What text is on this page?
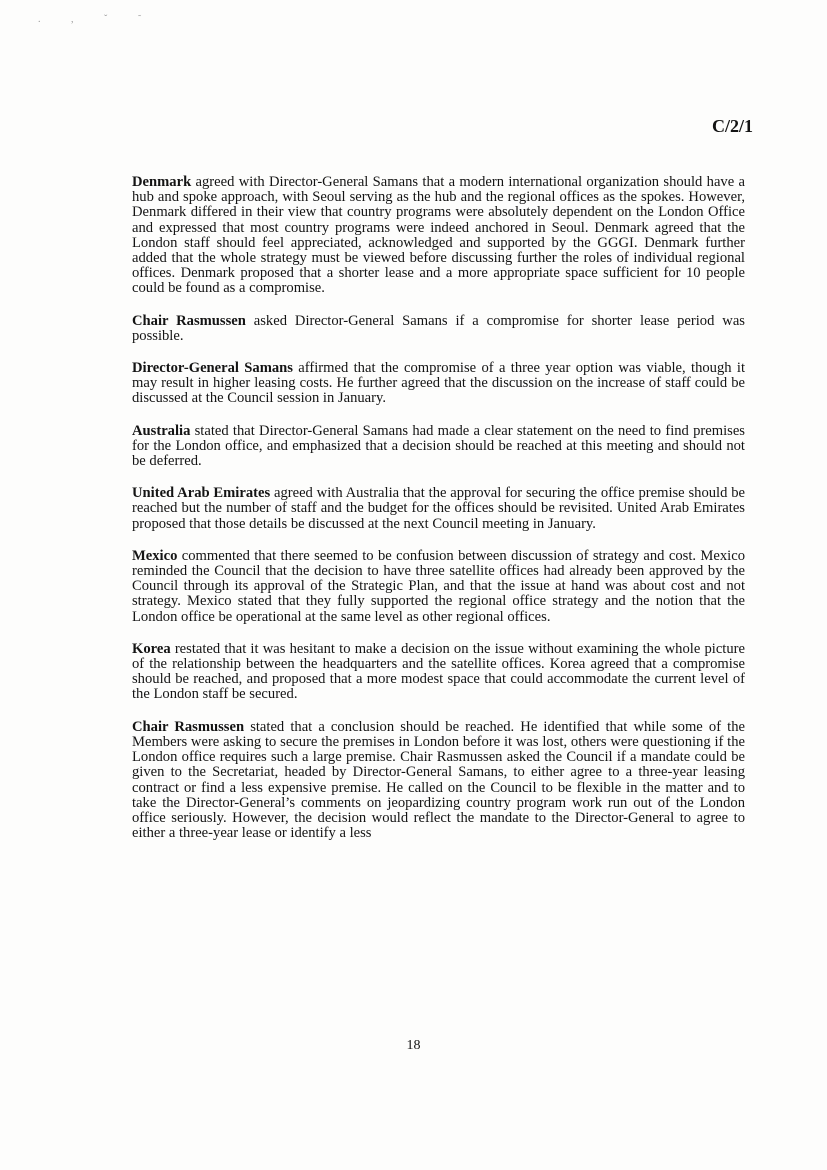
. , ˇ ˜
C/2/1

Denmark agreed with Director-General Samans that a modern international organization should have a hub and spoke approach, with Seoul serving as the hub and the regional offices as the spokes. However, Denmark differed in their view that country programs were absolutely dependent on the London Office and expressed that most country programs were indeed anchored in Seoul. Denmark agreed that the London staff should feel appreciated, acknowledged and supported by the GGGI. Denmark further added that the whole strategy must be viewed before discussing further the roles of individual regional offices. Denmark proposed that a shorter lease and a more appropriate space sufficient for 10 people could be found as a compromise.

Chair Rasmussen asked Director-General Samans if a compromise for shorter lease period was possible.

Director-General Samans affirmed that the compromise of a three year option was viable, though it may result in higher leasing costs. He further agreed that the discussion on the increase of staff could be discussed at the Council session in January.

Australia stated that Director-General Samans had made a clear statement on the need to find premises for the London office, and emphasized that a decision should be reached at this meeting and should not be deferred.

United Arab Emirates agreed with Australia that the approval for securing the office premise should be reached but the number of staff and the budget for the offices should be revisited. United Arab Emirates proposed that those details be discussed at the next Council meeting in January.

Mexico commented that there seemed to be confusion between discussion of strategy and cost. Mexico reminded the Council that the decision to have three satellite offices had already been approved by the Council through its approval of the Strategic Plan, and that the issue at hand was about cost and not strategy. Mexico stated that they fully supported the regional office strategy and the notion that the London office be operational at the same level as other regional offices.

Korea restated that it was hesitant to make a decision on the issue without examining the whole picture of the relationship between the headquarters and the satellite offices. Korea agreed that a compromise should be reached, and proposed that a more modest space that could accommodate the current level of the London staff be secured.

Chair Rasmussen stated that a conclusion should be reached. He identified that while some of the Members were asking to secure the premises in London before it was lost, others were questioning if the London office requires such a large premise. Chair Rasmussen asked the Council if a mandate could be given to the Secretariat, headed by Director-General Samans, to either agree to a three-year leasing contract or find a less expensive premise. He called on the Council to be flexible in the matter and to take the Director-General’s comments on jeopardizing country program work run out of the London office seriously. However, the decision would reflect the mandate to the Director-General to agree to either a three-year lease or identify a less

18
